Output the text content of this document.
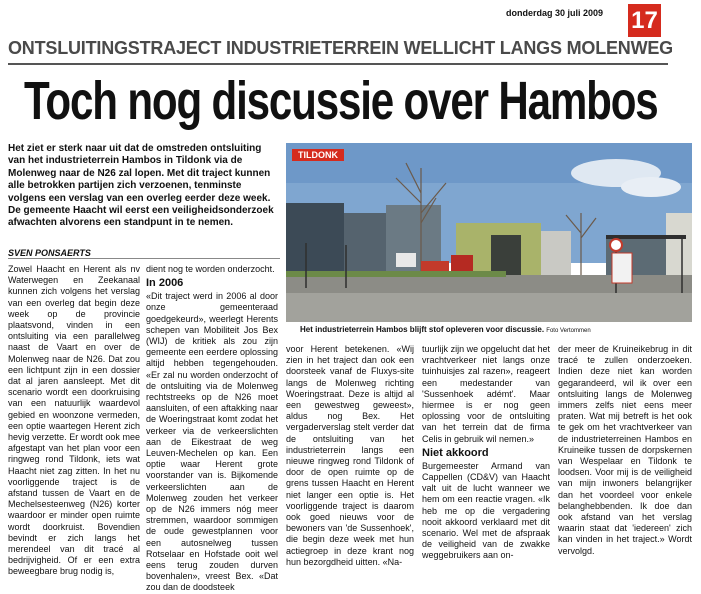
donderdag 30 juli 2009 17
ONTSLUITINGSTRAJECT INDUSTRIETERREIN WELLICHT LANGS MOLENWEG
Toch nog discussie over Hambos
Het ziet er sterk naar uit dat de omstreden ontsluiting van het industrieterrein Hambos in Tildonk via de Molenweg naar de N26 zal lopen. Met dit traject kunnen alle betrokken partijen zich verzoenen, tenminste volgens een verslag van een overleg eerder deze week. De gemeente Haacht wil eerst een veiligheidsonderzoek afwachten alvorens een standpunt in te nemen.
SVEN PONSAERTS
TILDONK
Het industrieterrein Hambos blijft stof opleveren voor discussie. Foto Vertommen

Zowel Haacht en Herent als nv Waterwegen en Zeekanaal kunnen zich volgens het verslag van een overleg dat begin deze week op de provincie plaatsvond, vinden in een ontsluiting via een parallelweg naast de Vaart en over de Molenweg naar de N26. Dat zou een lichtpunt zijn in een dossier dat al jaren aansleept. Met dit scenario wordt een doorkruising van een natuurlijk waardevol gebied en woonzone vermeden, een optie waartegen Herent zich hevig verzette. Er wordt ook mee afgestapt van het plan voor een ringweg rond Tildonk, iets wat Haacht niet zag zitten. In het nu voorliggende traject is de afstand tussen de Vaart en de Mechelsesteenweg (N26) korter waardoor er minder open ruimte wordt doorkruist. Bovendien bevindt er zich langs het merendeel van dit tracé al bedrijvigheid. Of er een extra beweegbare brug nodig is,

dient nog te worden onderzocht.

In 2006

«Dit traject werd in 2006 al door onze gemeenteraad goedgekeurd», weerlegt Herents schepen van Mobiliteit Jos Bex (WIJ) de kritiek als zou zijn gemeente een eerdere oplossing altijd hebben tegengehouden. «Er zal nu worden onderzocht of de ontsluiting via de Molenweg rechtstreeks op de N26 moet aansluiten, of een aftakking naar de Woeringstraat komt zodat het verkeer via de verkeerslichten aan de Eikestraat de weg Leuven-Mechelen op kan. Een optie waar Herent grote voorstander van is. Bijkomende verkeerslichten aan de Molenweg zouden het verkeer op de N26 immers nóg meer stremmen, waardoor sommigen de oude gewestplannen voor een autosnelweg tussen Rotselaar en Hofstade ooit wel eens terug zouden durven bovenhalen», vreest Bex. «Dat zou dan de doodsteek

voor Herent betekenen. «Wij zien in het traject dan ook een doorsteek vanaf de Fluxys-site langs de Molenweg richting Woeringstraat. Deze is altijd al een gewestweg geweest», aldus nog Bex. Het vergaderverslag stelt verder dat de ontsluiting van het industrieterrein langs een nieuwe ringweg rond Tildonk of door de open ruimte op de grens tussen Haacht en Herent niet langer een optie is. Het voorliggende traject is daarom ook goed nieuws voor de bewoners van 'de Sussenhoek', die begin deze week met hun actiegroep in deze krant nog hun bezorgdheid uitten. «Na-

tuurlijk zijn we opgelucht dat het vrachtverkeer niet langs onze tuinhuisjes zal razen», reageert een medestander van 'Sussenhoek adémt'. Maar hiermee is er nog geen oplossing voor de ontsluiting van het terrein dat de firma Celis in gebruik wil nemen.»

Niet akkoord

Burgemeester Armand van Cappellen (CD&V) van Haacht valt uit de lucht wanneer we hem om een reactie vragen. «Ik heb me op die vergadering nooit akkoord verklaard met dit scenario. Wel met de afspraak de veiligheid van de zwakke weggebruikers aan on-

der meer de Kruineikebrug in dit tracé te zullen onderzoeken. Indien deze niet kan worden gegarandeerd, wil ik over een ontsluiting langs de Molenweg immers zelfs niet eens meer praten. Wat mij betreft is het ook te gek om het vrachtverkeer van de industrieterreinen Hambos en Kruineike tussen de dorpskernen van Wespelaar en Tildonk te loodsen. Voor mij is de veiligheid van mijn inwoners belangrijker dan het voordeel voor enkele belanghebbenden. Ik doe dan ook afstand van het verslag waarin staat dat 'iedereen' zich kan vinden in het traject.» Wordt vervolgd.
